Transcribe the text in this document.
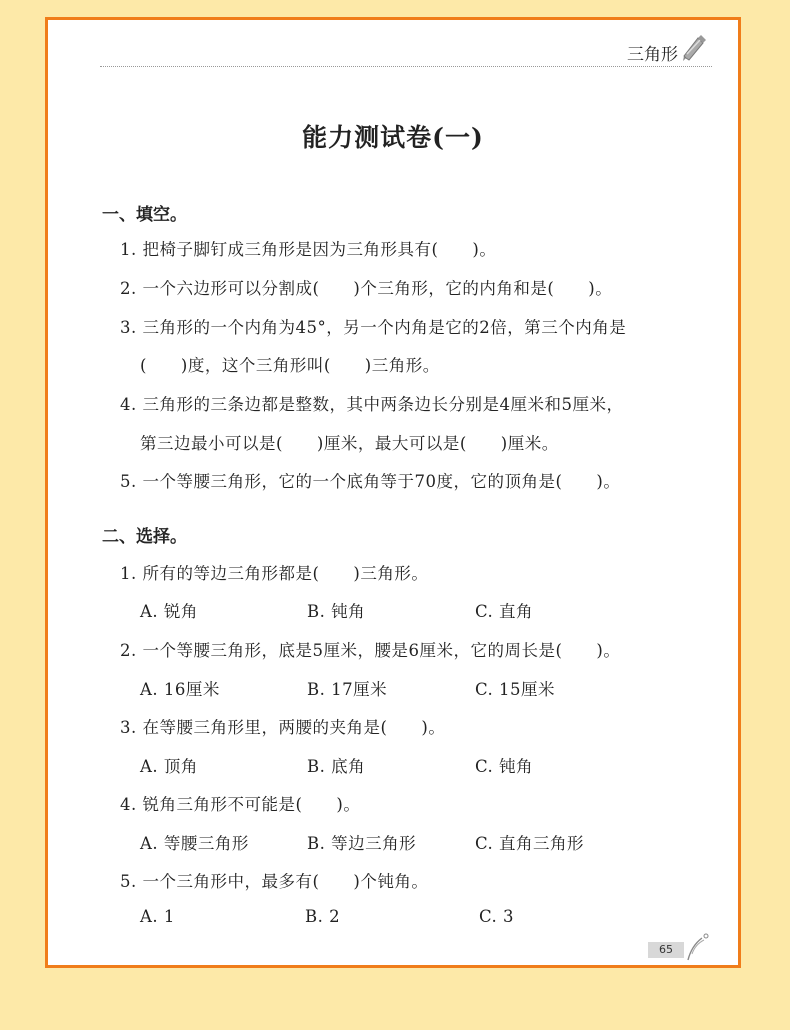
三角形
能力测试卷(一)
一、填空。
1. 把椅子脚钉成三角形是因为三角形具有(　　)。
2. 一个六边形可以分割成(　　)个三角形，它的内角和是(　　)。
3. 三角形的一个内角为45°，另一个内角是它的2倍，第三个内角是
(　　)度，这个三角形叫(　　)三角形。
4. 三角形的三条边都是整数，其中两条边长分别是4厘米和5厘米，
第三边最小可以是(　　)厘米，最大可以是(　　)厘米。
5. 一个等腰三角形，它的一个底角等于70度，它的顶角是(　　)。
二、选择。
1. 所有的等边三角形都是(　　)三角形。
A. 锐角	B. 钝角	C. 直角
2. 一个等腰三角形，底是5厘米，腰是6厘米，它的周长是(　　)。
A. 16厘米	B. 17厘米	C. 15厘米
3. 在等腰三角形里，两腰的夹角是(　　)。
A. 顶角	B. 底角	C. 钝角
4. 锐角三角形不可能是(　　)。
A. 等腰三角形	B. 等边三角形	C. 直角三角形
5. 一个三角形中，最多有(　　)个钝角。
A. 1	B. 2	C. 3
65
